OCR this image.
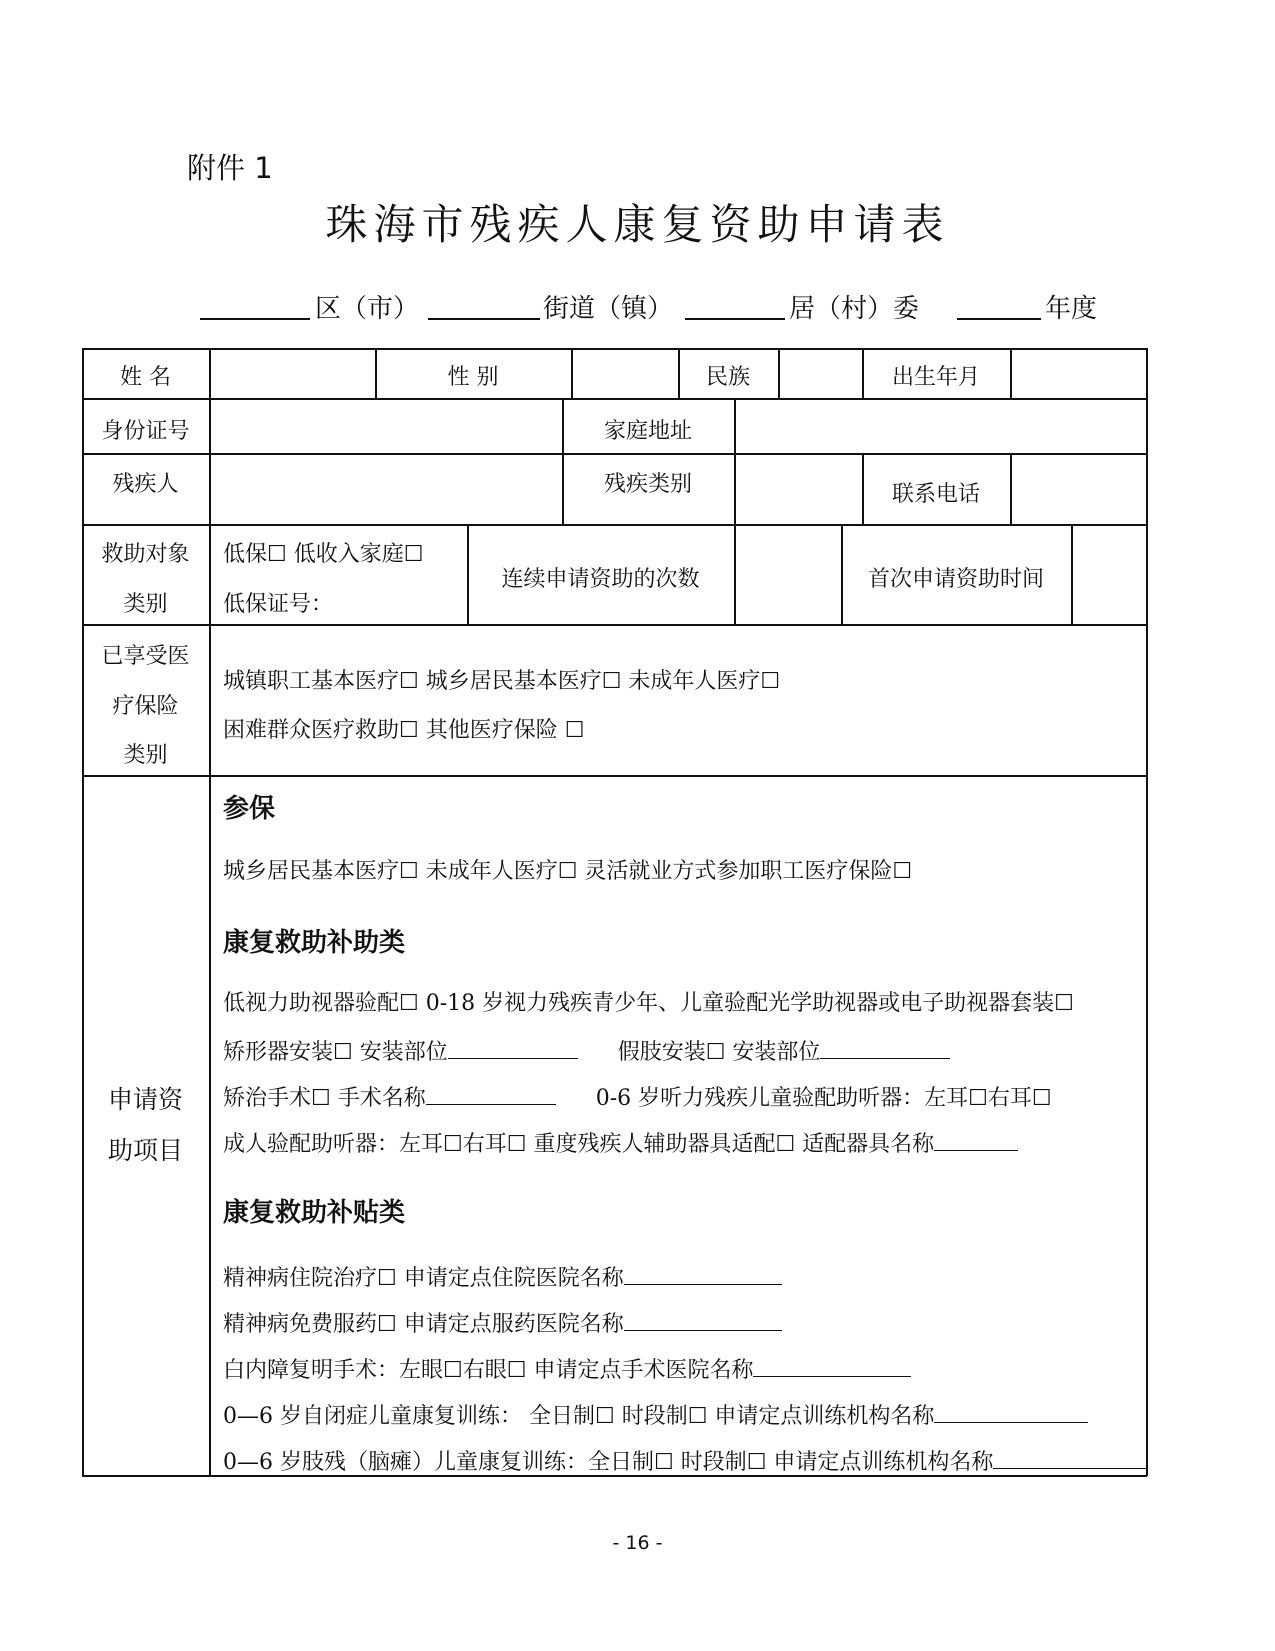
附件 1
珠海市残疾人康复资助申请表
区（市）	街道（镇）	居（村）委	年度
姓 名	性 别	民族	出生年月
身份证号	家庭地址
残疾人	残疾类别	联系电话
救助对象
类别
低保☐ 低收入家庭☐
低保证号：
连续申请资助的次数	首次申请资助时间
已享受医
疗保险
类别
城镇职工基本医疗☐ 城乡居民基本医疗☐ 未成年人医疗☐
困难群众医疗救助☐ 其他医疗保险 ☐
申请资
助项目
参保
城乡居民基本医疗☐ 未成年人医疗☐ 灵活就业方式参加职工医疗保险☐
康复救助补助类
低视力助视器验配☐ 0-18 岁视力残疾青少年、儿童验配光学助视器或电子助视器套装☐
矫形器安装☐ 安装部位	假肢安装☐ 安装部位
矫治手术☐ 手术名称	0-6 岁听力残疾儿童验配助听器：左耳☐右耳☐
成人验配助听器：左耳☐右耳☐ 重度残疾人辅助器具适配☐ 适配器具名称
康复救助补贴类
精神病住院治疗☐ 申请定点住院医院名称
精神病免费服药☐ 申请定点服药医院名称
白内障复明手术：左眼☐右眼☐ 申请定点手术医院名称
0—6 岁自闭症儿童康复训练： 全日制☐ 时段制☐ 申请定点训练机构名称
0—6 岁肢残（脑瘫）儿童康复训练：全日制☐ 时段制☐ 申请定点训练机构名称
- 16 -
